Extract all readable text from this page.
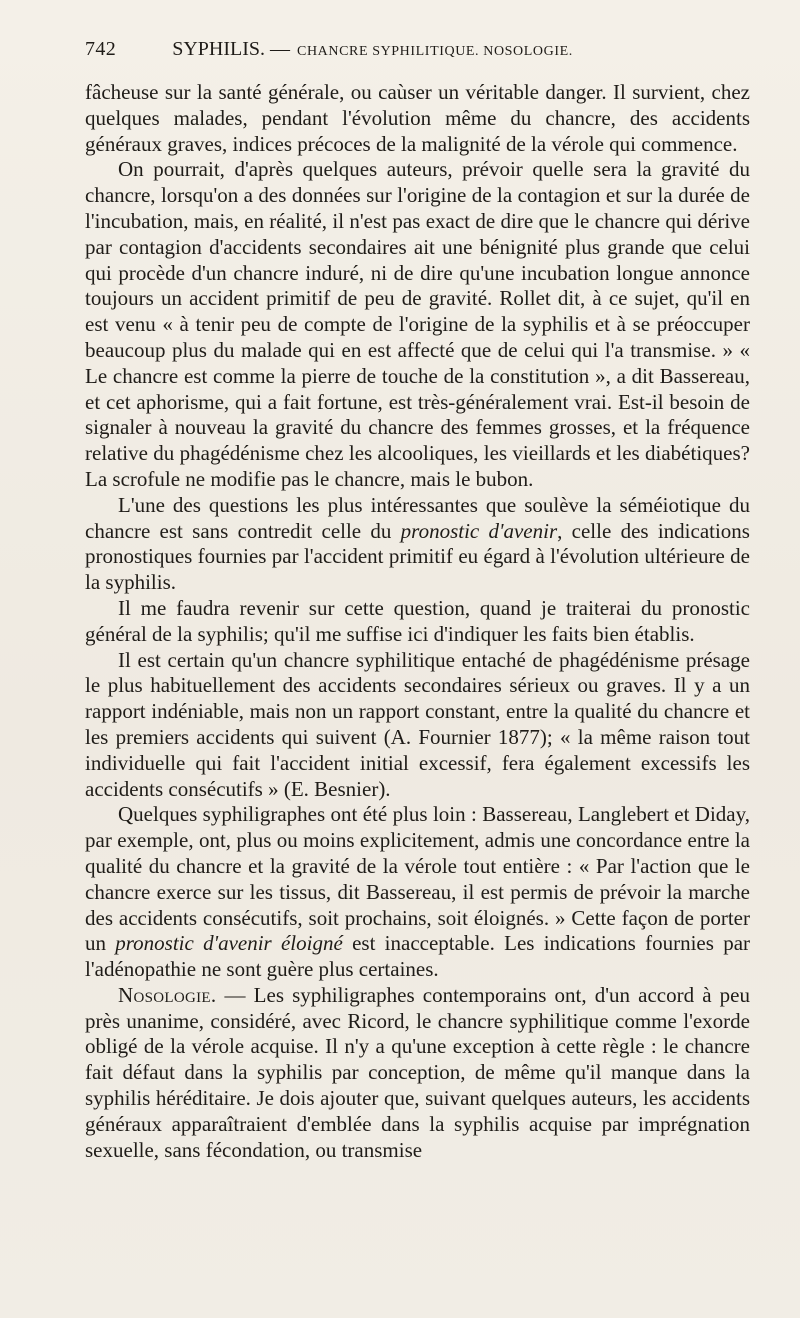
742	SYPHILIS. — CHANCRE SYPHILITIQUE. NOSOLOGIE.

fâcheuse sur la santé générale, ou caùser un véritable danger. Il survient, chez quelques malades, pendant l'évolution même du chancre, des accidents généraux graves, indices précoces de la malignité de la vérole qui commence.

On pourrait, d'après quelques auteurs, prévoir quelle sera la gravité du chancre, lorsqu'on a des données sur l'origine de la contagion et sur la durée de l'incubation, mais, en réalité, il n'est pas exact de dire que le chancre qui dérive par contagion d'accidents secondaires ait une bénignité plus grande que celui qui procède d'un chancre induré, ni de dire qu'une incubation longue annonce toujours un accident primitif de peu de gravité. Rollet dit, à ce sujet, qu'il en est venu « à tenir peu de compte de l'origine de la syphilis et à se préoccuper beaucoup plus du malade qui en est affecté que de celui qui l'a transmise. » « Le chancre est comme la pierre de touche de la constitution », a dit Bassereau, et cet aphorisme, qui a fait fortune, est très-généralement vrai. Est-il besoin de signaler à nouveau la gravité du chancre des femmes grosses, et la fréquence relative du phagédénisme chez les alcooliques, les vieillards et les diabétiques? La scrofule ne modifie pas le chancre, mais le bubon.

L'une des questions les plus intéressantes que soulève la séméiotique du chancre est sans contredit celle du pronostic d'avenir, celle des indications pronostiques fournies par l'accident primitif eu égard à l'évolution ultérieure de la syphilis.

Il me faudra revenir sur cette question, quand je traiterai du pronostic général de la syphilis; qu'il me suffise ici d'indiquer les faits bien établis.

Il est certain qu'un chancre syphilitique entaché de phagédénisme présage le plus habituellement des accidents secondaires sérieux ou graves. Il y a un rapport indéniable, mais non un rapport constant, entre la qualité du chancre et les premiers accidents qui suivent (A. Fournier 1877); « la même raison tout individuelle qui fait l'accident initial excessif, fera également excessifs les accidents consécutifs » (E. Besnier).

Quelques syphiligraphes ont été plus loin : Bassereau, Langlebert et Diday, par exemple, ont, plus ou moins explicitement, admis une concordance entre la qualité du chancre et la gravité de la vérole tout entière : « Par l'action que le chancre exerce sur les tissus, dit Bassereau, il est permis de prévoir la marche des accidents consécutifs, soit prochains, soit éloignés. » Cette façon de porter un pronostic d'avenir éloigné est inacceptable. Les indications fournies par l'adénopathie ne sont guère plus certaines.

Nosologie. — Les syphiligraphes contemporains ont, d'un accord à peu près unanime, considéré, avec Ricord, le chancre syphilitique comme l'exorde obligé de la vérole acquise. Il n'y a qu'une exception à cette règle : le chancre fait défaut dans la syphilis par conception, de même qu'il manque dans la syphilis héréditaire. Je dois ajouter que, suivant quelques auteurs, les accidents généraux apparaîtraient d'emblée dans la syphilis acquise par imprégnation sexuelle, sans fécondation, ou transmise
